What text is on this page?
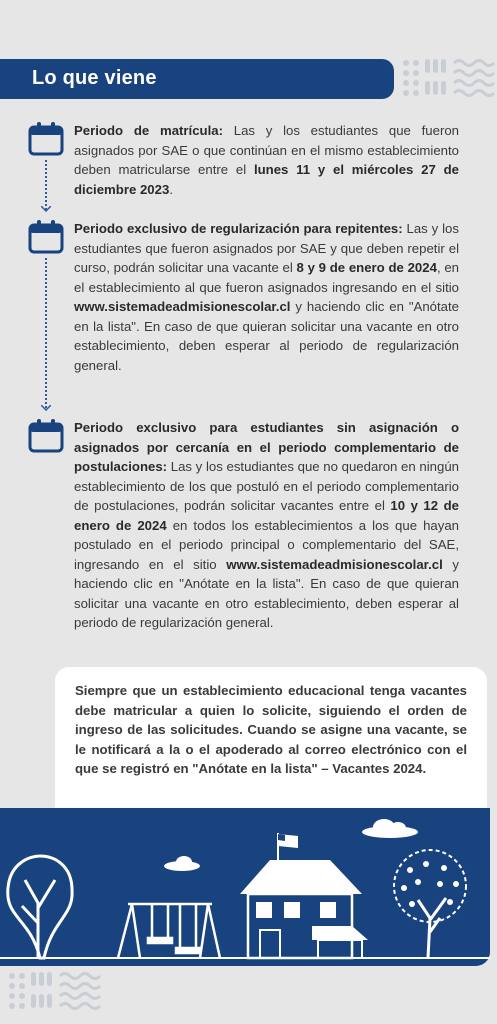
Lo que viene
Periodo de matrícula: Las y los estudiantes que fueron asignados por SAE o que continúan en el mismo establecimiento deben matricularse entre el lunes 11 y el miércoles 27 de diciembre 2023.
Periodo exclusivo de regularización para repitentes: Las y los estudiantes que fueron asignados por SAE y que deben repetir el curso, podrán solicitar una vacante el 8 y 9 de enero de 2024, en el establecimiento al que fueron asignados ingresando en el sitio www.sistemadeadmisionescolar.cl y haciendo clic en "Anótate en la lista". En caso de que quieran solicitar una vacante en otro establecimiento, deben esperar al periodo de regularización general.
Periodo exclusivo para estudiantes sin asignación o asignados por cercanía en el periodo complementario de postulaciones: Las y los estudiantes que no quedaron en ningún establecimiento de los que postuló en el periodo complementario de postulaciones, podrán solicitar vacantes entre el 10 y 12 de enero de 2024 en todos los establecimientos a los que hayan postulado en el periodo principal o complementario del SAE, ingresando en el sitio www.sistemadeadmisionescolar.cl y haciendo clic en "Anótate en la lista". En caso de que quieran solicitar una vacante en otro establecimiento, deben esperar al periodo de regularización general.
Siempre que un establecimiento educacional tenga vacantes debe matricular a quien lo solicite, siguiendo el orden de ingreso de las solicitudes. Cuando se asigne una vacante, se le notificará a la o el apoderado al correo electrónico con el que se registró en "Anótate en la lista" – Vacantes 2024.
